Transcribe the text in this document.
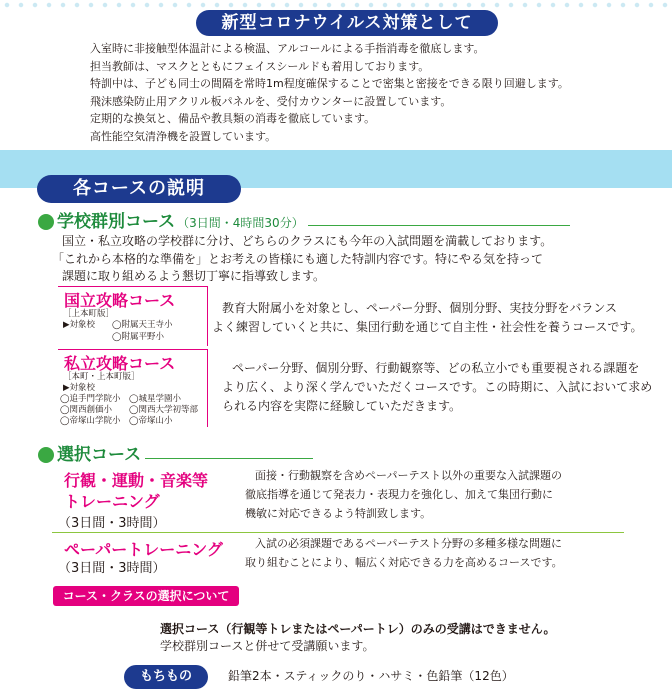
新型コロナウイルス対策として

入室時に非接触型体温計による検温、アルコールによる手指消毒を徹底します。

担当教師は、マスクとともにフェイスシールドも着用しております。

特訓中は、子ども同士の間隔を常時1m程度確保することで密集と密接をできる限り回避します。

飛沫感染防止用アクリル板パネルを、受付カウンターに設置しています。

定期的な換気と、備品や教具類の消毒を徹底しています。

高性能空気清浄機を設置しています。

各コースの説明
学校群別コース （3日間・4時間30分）

国立・私立攻略の学校群に分け、どちらのクラスにも今年の入試問題を満載しております。

「これから本格的な準備を」とお考えの皆様にも適した特訓内容です。特にやる気を持って

課題に取り組めるよう懇切丁寧に指導致します。

国立攻略コース
［上本町版］
▶対象校 ◯附属天王寺小
◯附属平野小

教育大附属小を対象とし、ペーパー分野、個別分野、実技分野をバランス

よく練習していくと共に、集団行動を通じて自主性・社会性を養うコースです。

私立攻略コース
［本町・上本町版］
▶対象校
◯追手門学院小　◯城星学園小
◯関西創価小　　◯関西大学初等部
◯帝塚山学院小　◯帝塚山小

ペーパー分野、個別分野、行動観察等、どの私立小でも重要視される課題を

より広く、より深く学んでいただくコースです。この時期に、入試において求め

られる内容を実際に経験していただきます。

選択コース

行観・運動・音楽等

トレーニング

（3日間・3時間）

面接・行動観察を含めペーパーテスト以外の重要な入試課題の

徹底指導を通じて発表力・表現力を強化し、加えて集団行動に

機敏に対応できるよう特訓致します。

ペーパートレーニング
（3日間・3時間）

入試の必須課題であるペーパーテスト分野の多種多様な問題に

取り組むことにより、幅広く対応できる力を高めるコースです。

コース・クラスの選択について

選択コース（行観等トレまたはペーパートレ）のみの受講はできません。

学校群別コースと併せて受講願います。

もちもの	鉛筆2本・スティックのり・ハサミ・色鉛筆（12色）
